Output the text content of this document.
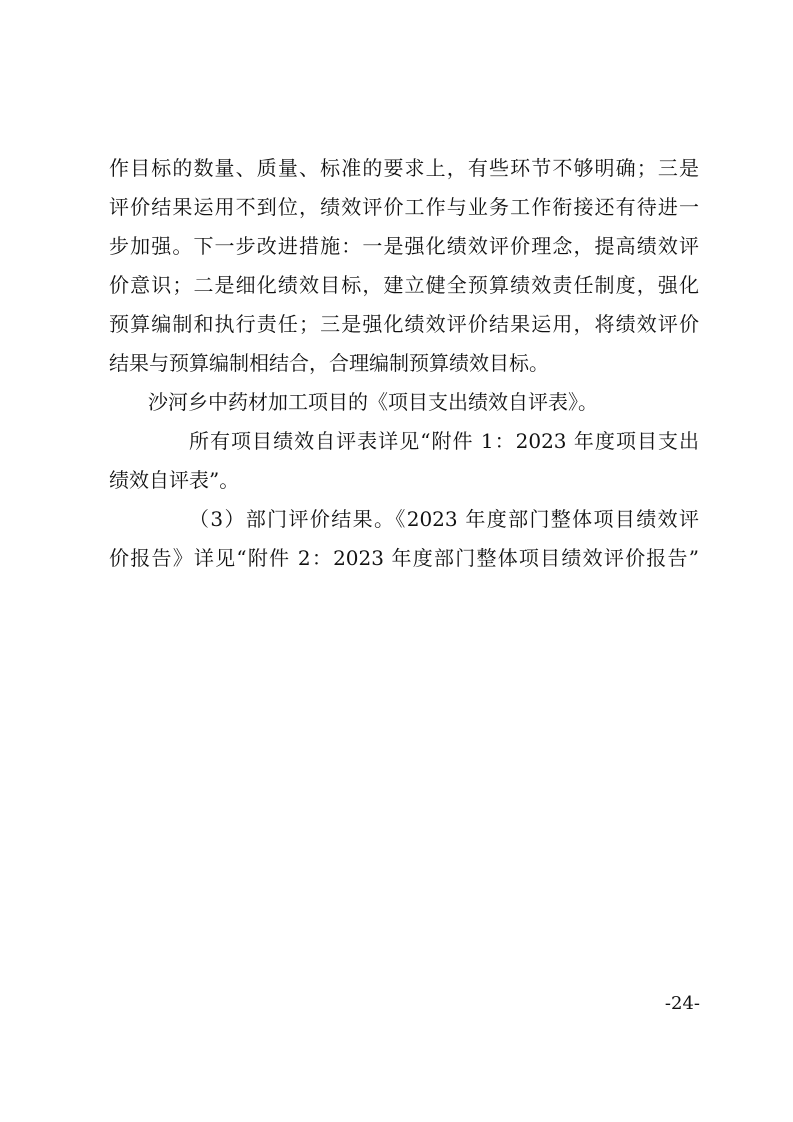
作目标的数量、质量、标准的要求上，有些环节不够明确；三是
评价结果运用不到位，绩效评价工作与业务工作衔接还有待进一
步加强。下一步改进措施：一是强化绩效评价理念，提高绩效评
价意识；二是细化绩效目标，建立健全预算绩效责任制度，强化
预算编制和执行责任；三是强化绩效评价结果运用，将绩效评价
结果与预算编制相结合，合理编制预算绩效目标。
沙河乡中药材加工项目的《项目支出绩效自评表》。
所有项目绩效自评表详见“附件 1：2023 年度项目支出
绩效自评表”。
（3）部门评价结果。《2023 年度部门整体项目绩效评
价报告》详见“附件 2：2023 年度部门整体项目绩效评价报告”
-24-
